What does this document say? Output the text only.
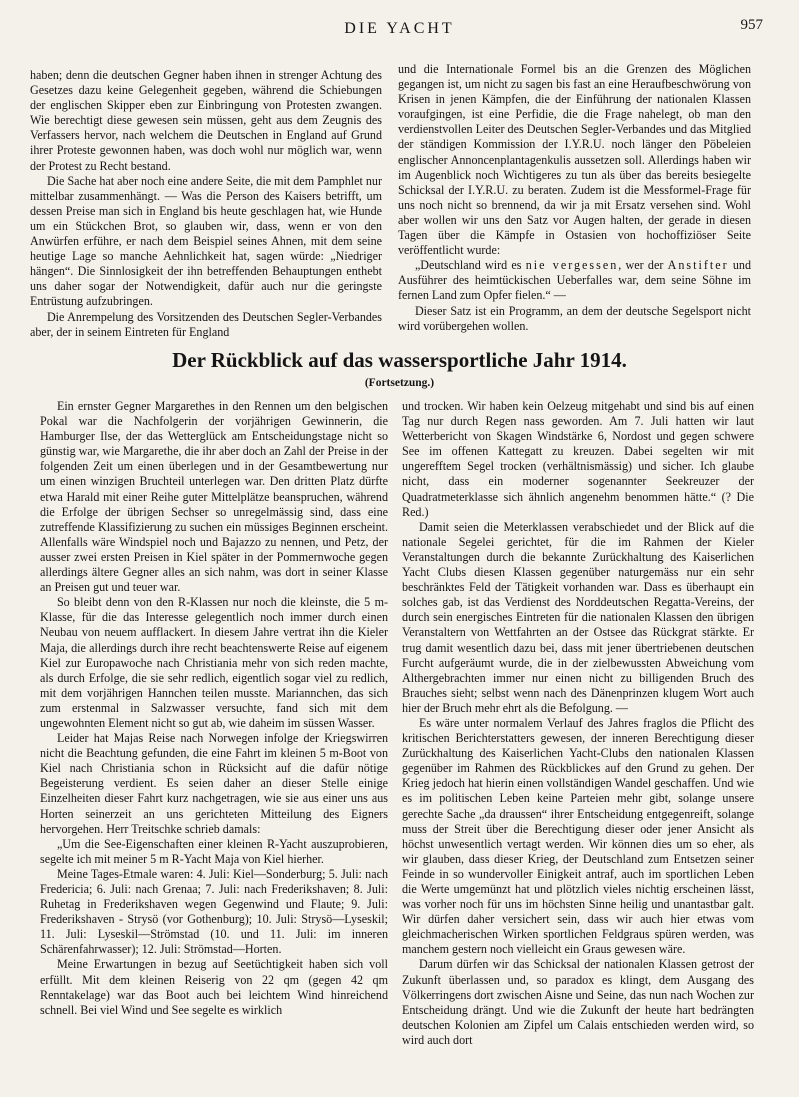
DIE YACHT	957

haben; denn die deutschen Gegner haben ihnen in strenger Achtung des Gesetzes dazu keine Gelegenheit gegeben, während die Schiebungen der englischen Skipper eben zur Einbringung von Protesten zwangen. Wie berechtigt diese gewesen sein müssen, geht aus dem Zeugnis des Verfassers hervor, nach welchem die Deutschen in England auf Grund ihrer Proteste gewonnen haben, was doch wohl nur möglich war, wenn der Protest zu Recht bestand.

Die Sache hat aber noch eine andere Seite, die mit dem Pamphlet nur mittelbar zusammenhängt. — Was die Person des Kaisers betrifft, um dessen Preise man sich in England bis heute geschlagen hat, wie Hunde um ein Stückchen Brot, so glauben wir, dass, wenn er von den Anwürfen erführe, er nach dem Beispiel seines Ahnen, mit dem seine heutige Lage so manche Aehnlichkeit hat, sagen würde: „Niedriger hängen“. Die Sinnlosigkeit der ihn betreffenden Behauptungen enthebt uns daher sogar der Notwendigkeit, dafür auch nur die geringste Entrüstung aufzubringen.

Die Anrempelung des Vorsitzenden des Deutschen Segler-Verbandes aber, der in seinem Eintreten für England

und die Internationale Formel bis an die Grenzen des Möglichen gegangen ist, um nicht zu sagen bis fast an eine Heraufbeschwörung von Krisen in jenen Kämpfen, die der Einführung der nationalen Klassen voraufgingen, ist eine Perfidie, die die Frage nahelegt, ob man den verdienstvollen Leiter des Deutschen Segler-Verbandes und das Mitglied der ständigen Kommission der I.Y.R.U. noch länger den Pöbeleien englischer Annoncenplantagenkulis aussetzen soll. Allerdings haben wir im Augenblick noch Wichtigeres zu tun als über das bereits besiegelte Schicksal der I.Y.R.U. zu beraten. Zudem ist die Messformel-Frage für uns noch nicht so brennend, da wir ja mit Ersatz versehen sind. Wohl aber wollen wir uns den Satz vor Augen halten, der gerade in diesen Tagen über die Kämpfe in Ostasien von hochoffiziöser Seite veröffentlicht wurde:

„Deutschland wird es nie vergessen, wer der Anstifter und Ausführer des heimtückischen Ueberfalles war, dem seine Söhne im fernen Land zum Opfer fielen.“ —

Dieser Satz ist ein Programm, an dem der deutsche Segelsport nicht wird vorübergehen wollen.

Der Rückblick auf das wassersportliche Jahr 1914.
(Fortsetzung.)

Ein ernster Gegner Margarethes in den Rennen um den belgischen Pokal war die Nachfolgerin der vorjährigen Gewinnerin, die Hamburger Ilse, der das Wetterglück am Entscheidungstage nicht so günstig war, wie Margarethe, die ihr aber doch an Zahl der Preise in der folgenden Zeit um einen überlegen und in der Gesamtbewertung nur um einen winzigen Bruchteil unterlegen war. Den dritten Platz dürfte etwa Harald mit einer Reihe guter Mittelplätze beanspruchen, während die Erfolge der übrigen Sechser so unregelmässig sind, dass eine zutreffende Klassifizierung zu suchen ein müssiges Beginnen erscheint. Allenfalls wäre Windspiel noch und Bajazzo zu nennen, und Petz, der ausser zwei ersten Preisen in Kiel später in der Pommernwoche gegen allerdings ältere Gegner alles an sich nahm, was dort in seiner Klasse an Preisen gut und teuer war.

So bleibt denn von den R-Klassen nur noch die kleinste, die 5 m-Klasse, für die das Interesse gelegentlich noch immer durch einen Neubau von neuem aufflackert. In diesem Jahre vertrat ihn die Kieler Maja, die allerdings durch ihre recht beachtenswerte Reise auf eigenem Kiel zur Europawoche nach Christiania mehr von sich reden machte, als durch Erfolge, die sie sehr redlich, eigentlich sogar viel zu redlich, mit dem vorjährigen Hannchen teilen musste. Mariannchen, das sich zum erstenmal in Salzwasser versuchte, fand sich mit dem ungewohnten Element nicht so gut ab, wie daheim im süssen Wasser.

Leider hat Majas Reise nach Norwegen infolge der Kriegswirren nicht die Beachtung gefunden, die eine Fahrt im kleinen 5 m-Boot von Kiel nach Christiania schon in Rücksicht auf die dafür nötige Begeisterung verdient. Es seien daher an dieser Stelle einige Einzelheiten dieser Fahrt kurz nachgetragen, wie sie aus einer uns aus Horten seinerzeit an uns gerichteten Mitteilung des Eigners hervorgehen. Herr Treitschke schrieb damals:

„Um die See-Eigenschaften einer kleinen R-Yacht auszuprobieren, segelte ich mit meiner 5 m R-Yacht Maja von Kiel hierher.

Meine Tages-Etmale waren: 4. Juli: Kiel—Sonderburg; 5. Juli: nach Fredericia; 6. Juli: nach Grenaa; 7. Juli: nach Frederikshaven; 8. Juli: Ruhetag in Frederikshaven wegen Gegenwind und Flaute; 9. Juli: Frederikshaven - Strysö (vor Gothenburg); 10. Juli: Strysö—Lyseskil; 11. Juli: Lyseskil—Strömstad (10. und 11. Juli: im inneren Schärenfahrwasser); 12. Juli: Strömstad—Horten.

Meine Erwartungen in bezug auf Seetüchtigkeit haben sich voll erfüllt. Mit dem kleinen Reiserig von 22 qm (gegen 42 qm Renntakelage) war das Boot auch bei leichtem Wind hinreichend schnell. Bei viel Wind und See segelte es wirklich

und trocken. Wir haben kein Oelzeug mitgehabt und sind bis auf einen Tag nur durch Regen nass geworden. Am 7. Juli hatten wir laut Wetterbericht von Skagen Windstärke 6, Nordost und gegen schwere See im offenen Kattegatt zu kreuzen. Dabei segelten wir mit ungerefftem Segel trocken (verhältnismässig) und sicher. Ich glaube nicht, dass ein moderner sogenannter Seekreuzer der Quadratmeterklasse sich ähnlich angenehm benommen hätte.“ (? Die Red.)

Damit seien die Meterklassen verabschiedet und der Blick auf die nationale Segelei gerichtet, für die im Rahmen der Kieler Veranstaltungen durch die bekannte Zurückhaltung des Kaiserlichen Yacht Clubs diesen Klassen gegenüber naturgemäss nur ein sehr beschränktes Feld der Tätigkeit vorhanden war. Dass es überhaupt ein solches gab, ist das Verdienst des Norddeutschen Regatta-Vereins, der durch sein energisches Eintreten für die nationalen Klassen den übrigen Veranstaltern von Wettfahrten an der Ostsee das Rückgrat stärkte. Er trug damit wesentlich dazu bei, dass mit jener übertriebenen deutschen Furcht aufgeräumt wurde, die in der zielbewussten Abweichung vom Althergebrachten immer nur einen nicht zu billigenden Bruch des Brauches sieht; selbst wenn nach des Dänenprinzen klugem Wort auch hier der Bruch mehr ehrt als die Befolgung. —

Es wäre unter normalem Verlauf des Jahres fraglos die Pflicht des kritischen Berichterstatters gewesen, der inneren Berechtigung dieser Zurückhaltung des Kaiserlichen Yacht-Clubs den nationalen Klassen gegenüber im Rahmen des Rückblickes auf den Grund zu gehen. Der Krieg jedoch hat hierin einen vollständigen Wandel geschaffen. Und wie es im politischen Leben keine Parteien mehr gibt, solange unsere gerechte Sache „da draussen“ ihrer Entscheidung entgegenreift, solange muss der Streit über die Berechtigung dieser oder jener Ansicht als höchst unwesentlich vertagt werden. Wir können dies um so eher, als wir glauben, dass dieser Krieg, der Deutschland zum Entsetzen seiner Feinde in so wundervoller Einigkeit antraf, auch im sportlichen Leben die Werte umgemünzt hat und plötzlich vieles nichtig erscheinen lässt, was vorher noch für uns im höchsten Sinne heilig und unantastbar galt. Wir dürfen daher versichert sein, dass wir auch hier etwas vom gleichmacherischen Wirken sportlichen Feldgraus spüren werden, was manchem gestern noch vielleicht ein Graus gewesen wäre.

Darum dürfen wir das Schicksal der nationalen Klassen getrost der Zukunft überlassen und, so paradox es klingt, dem Ausgang des Völkerringens dort zwischen Aisne und Seine, das nun nach Wochen zur Entscheidung drängt. Und wie die Zukunft der heute hart bedrängten deutschen Kolonien am Zipfel um Calais entschieden werden wird, so wird auch dort
